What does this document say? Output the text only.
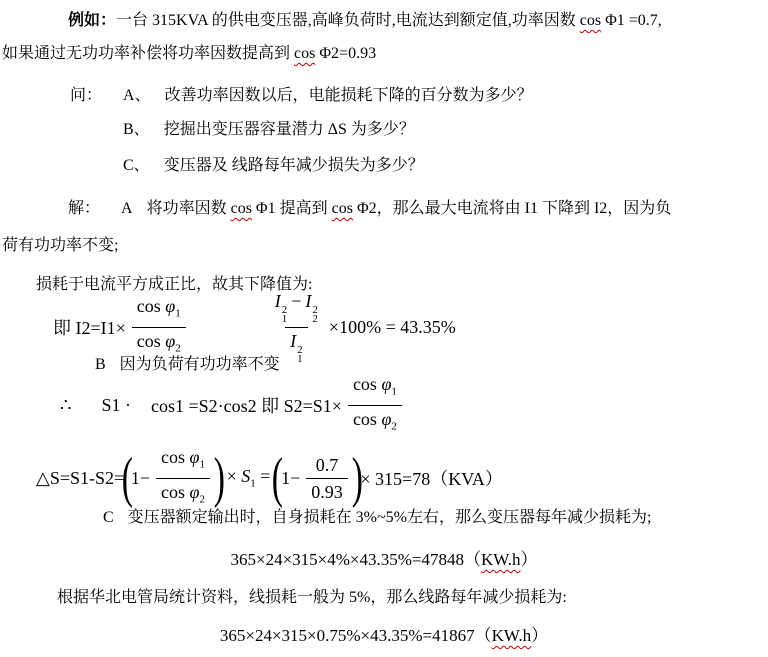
例如：一台 315KVA 的供电变压器,高峰负荷时,电流达到额定值,功率因数 cos Φ1 =0.7,
如果通过无功功率补偿将功率因数提高到 cos Φ2=0.93
问： A、 改善功率因数以后，电能损耗下降的百分数为多少？
B、 挖掘出变压器容量潜力 ΔS 为多少？
C、 变压器及 线路每年减少损失为多少？
解： A 将功率因数 cos Φ1 提高到 cos Φ2，那么最大电流将由 I1 下降到 I2，因为负
荷有功功率不变;
损耗于电流平方成正比，故其下降值为:
即 $I2=I1\times \frac{\cos \varphi_1}{\cos \varphi_2}$	I 2
1
− I 2
2
I 2
1 ×100% = 43.35%
B 因为负荷有功功率不变
∴ S1 · cos1 =S2·cos2 即 $S2=S1\times \frac{\cos \varphi_1}{\cos \varphi_2}$
△S=S1-S2=
(
$1- \frac{\cos \varphi_1}{\cos \varphi_2}$ ) × $S_1$ = (
$1- \frac{0.7}{0.93}$ )
× 315=78（KVA）
C 变压器额定输出时，自身损耗在 3%~5%左右，那么变压器每年减少损耗为;
365×24×315×4%×43.35%=47848（KW.h）
根据华北电管局统计资料，线损耗一般为 5%，那么线路每年减少损耗为:
365×24×315×0.75%×43.35%=41867（KW.h）
